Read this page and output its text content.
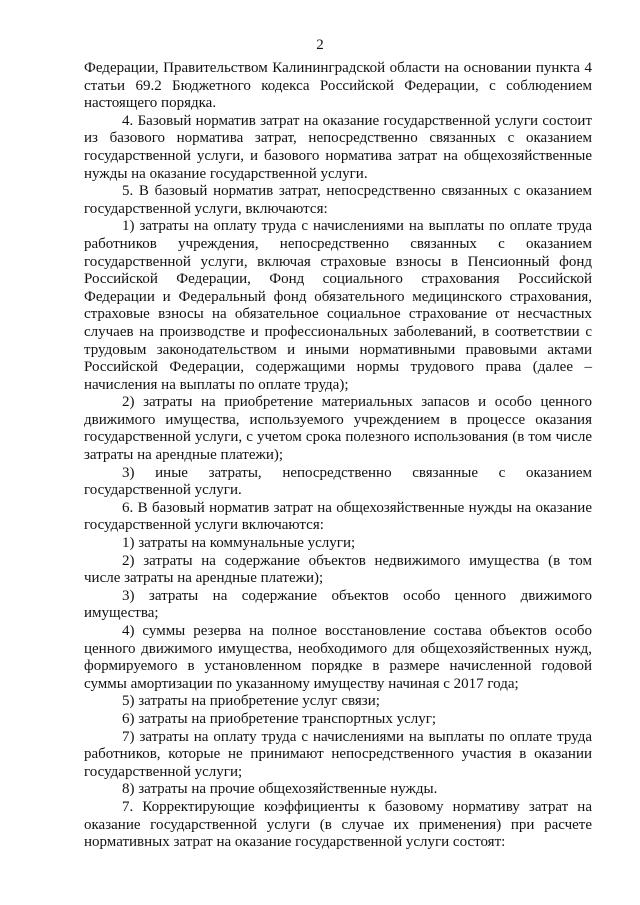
2

Федерации, Правительством Калининградской области на основании пункта 4 статьи 69.2 Бюджетного кодекса Российской Федерации, с соблюдением настоящего порядка.

4. Базовый норматив затрат на оказание государственной услуги состоит из базового норматива затрат, непосредственно связанных с оказанием государственной услуги, и базового норматива затрат на общехозяйственные нужды на оказание государственной услуги.

5. В базовый норматив затрат, непосредственно связанных с оказанием государственной услуги, включаются:

1) затраты на оплату труда с начислениями на выплаты по оплате труда работников учреждения, непосредственно связанных с оказанием государственной услуги, включая страховые взносы в Пенсионный фонд Российской Федерации, Фонд социального страхования Российской Федерации и Федеральный фонд обязательного медицинского страхования, страховые взносы на обязательное социальное страхование от несчастных случаев на производстве и профессиональных заболеваний, в соответствии с трудовым законодательством и иными нормативными правовыми актами Российской Федерации, содержащими нормы трудового права (далее – начисления на выплаты по оплате труда);

2) затраты на приобретение материальных запасов и особо ценного движимого имущества, используемого учреждением в процессе оказания государственной услуги, с учетом срока полезного использования (в том числе затраты на арендные платежи);

3) иные затраты, непосредственно связанные с оказанием государственной услуги.

6. В базовый норматив затрат на общехозяйственные нужды на оказание государственной услуги включаются:

1) затраты на коммунальные услуги;

2) затраты на содержание объектов недвижимого имущества (в том числе затраты на арендные платежи);

3) затраты на содержание объектов особо ценного движимого имущества;

4) суммы резерва на полное восстановление состава объектов особо ценного движимого имущества, необходимого для общехозяйственных нужд, формируемого в установленном порядке в размере начисленной годовой суммы амортизации по указанному имуществу начиная с 2017 года;

5) затраты на приобретение услуг связи;

6) затраты на приобретение транспортных услуг;

7) затраты на оплату труда с начислениями на выплаты по оплате труда работников, которые не принимают непосредственного участия в оказании государственной услуги;

8) затраты на прочие общехозяйственные нужды.

7. Корректирующие коэффициенты к базовому нормативу затрат на оказание государственной услуги (в случае их применения) при расчете нормативных затрат на оказание государственной услуги состоят:
